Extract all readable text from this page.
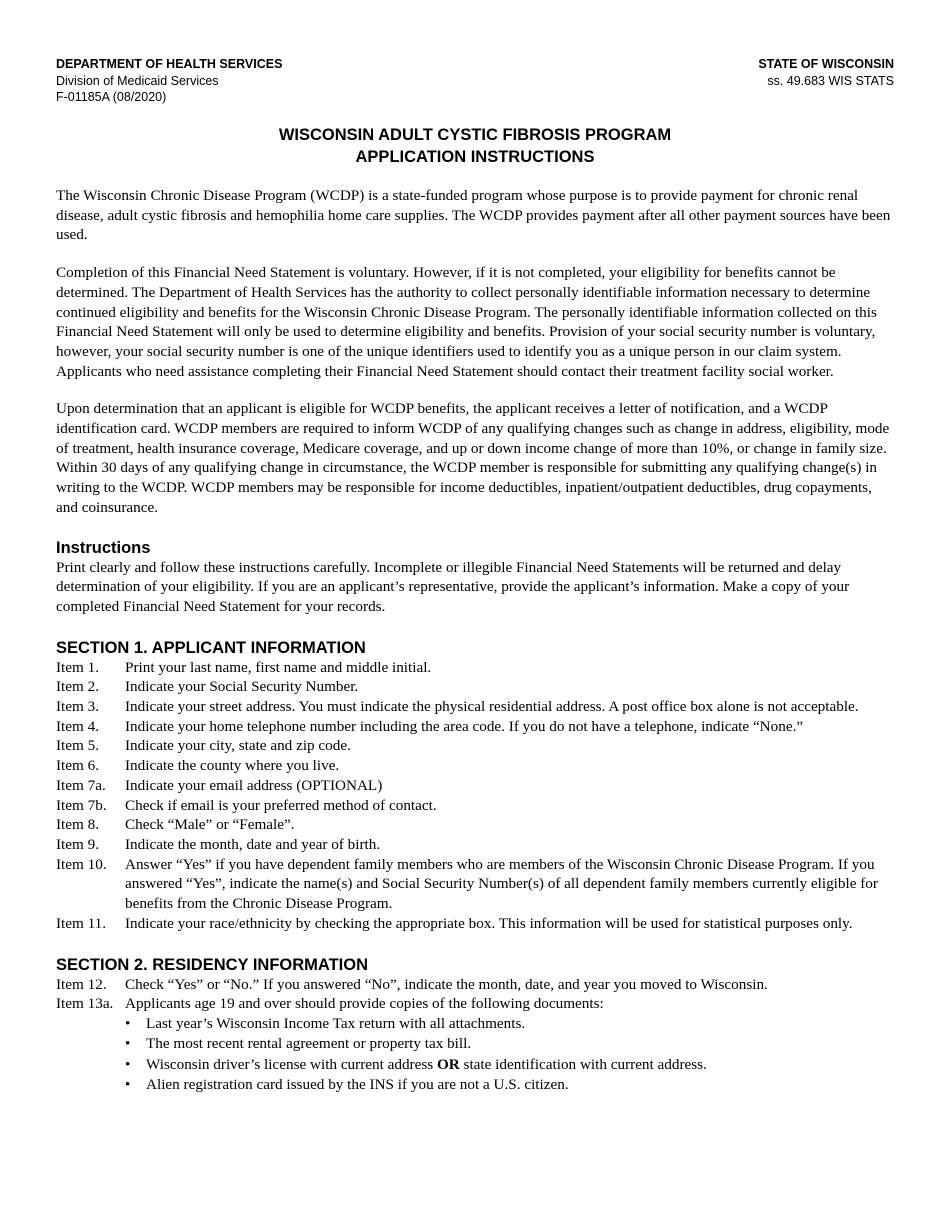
DEPARTMENT OF HEALTH SERVICES
Division of Medicaid Services
F-01185A (08/2020)
STATE OF WISCONSIN
ss. 49.683 WIS STATS
WISCONSIN ADULT CYSTIC FIBROSIS PROGRAM
APPLICATION INSTRUCTIONS
The Wisconsin Chronic Disease Program (WCDP) is a state-funded program whose purpose is to provide payment for chronic renal disease, adult cystic fibrosis and hemophilia home care supplies. The WCDP provides payment after all other payment sources have been used.
Completion of this Financial Need Statement is voluntary. However, if it is not completed, your eligibility for benefits cannot be determined. The Department of Health Services has the authority to collect personally identifiable information necessary to determine continued eligibility and benefits for the Wisconsin Chronic Disease Program. The personally identifiable information collected on this Financial Need Statement will only be used to determine eligibility and benefits. Provision of your social security number is voluntary, however, your social security number is one of the unique identifiers used to identify you as a unique person in our claim system. Applicants who need assistance completing their Financial Need Statement should contact their treatment facility social worker.
Upon determination that an applicant is eligible for WCDP benefits, the applicant receives a letter of notification, and a WCDP identification card. WCDP members are required to inform WCDP of any qualifying changes such as change in address, eligibility, mode of treatment, health insurance coverage, Medicare coverage, and up or down income change of more than 10%, or change in family size. Within 30 days of any qualifying change in circumstance, the WCDP member is responsible for submitting any qualifying change(s) in writing to the WCDP. WCDP members may be responsible for income deductibles, inpatient/outpatient deductibles, drug copayments, and coinsurance.
Instructions
Print clearly and follow these instructions carefully. Incomplete or illegible Financial Need Statements will be returned and delay determination of your eligibility. If you are an applicant’s representative, provide the applicant’s information. Make a copy of your completed Financial Need Statement for your records.
SECTION 1. APPLICANT INFORMATION
Item 1.	Print your last name, first name and middle initial.
Item 2.	Indicate your Social Security Number.
Item 3.	Indicate your street address. You must indicate the physical residential address. A post office box alone is not acceptable.
Item 4.	Indicate your home telephone number including the area code. If you do not have a telephone, indicate “None.”
Item 5.	Indicate your city, state and zip code.
Item 6.	Indicate the county where you live.
Item 7a.	Indicate your email address (OPTIONAL)
Item 7b.	Check if email is your preferred method of contact.
Item 8.	Check “Male” or “Female”.
Item 9.	Indicate the month, date and year of birth.
Item 10.	Answer “Yes” if you have dependent family members who are members of the Wisconsin Chronic Disease Program. If you answered “Yes”, indicate the name(s) and Social Security Number(s) of all dependent family members currently eligible for benefits from the Chronic Disease Program.
Item 11.	Indicate your race/ethnicity by checking the appropriate box. This information will be used for statistical purposes only.
SECTION 2. RESIDENCY INFORMATION
Item 12.	Check “Yes” or “No.” If you answered “No”, indicate the month, date, and year you moved to Wisconsin.
Item 13a. Applicants age 19 and over should provide copies of the following documents:
•	Last year’s Wisconsin Income Tax return with all attachments.
•	The most recent rental agreement or property tax bill.
•	Wisconsin driver’s license with current address OR state identification with current address.
•	Alien registration card issued by the INS if you are not a U.S. citizen.
